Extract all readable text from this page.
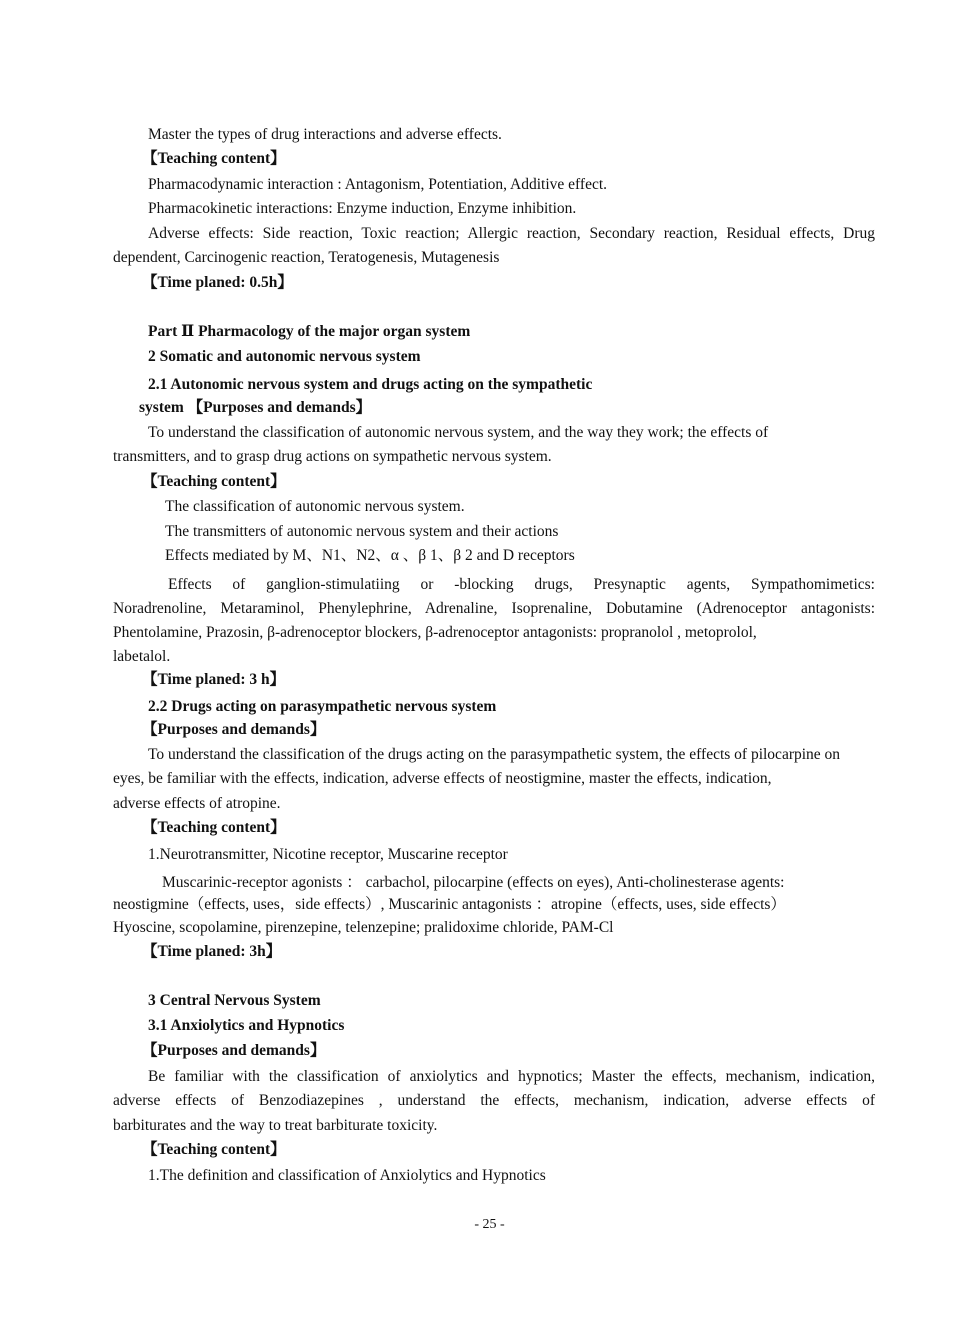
Master the types of drug interactions and adverse effects.
【Teaching content】
Pharmacodynamic interaction : Antagonism, Potentiation, Additive effect.
Pharmacokinetic interactions: Enzyme induction, Enzyme inhibition.
Adverse effects: Side reaction, Toxic reaction; Allergic reaction, Secondary reaction, Residual effects, Drug
dependent, Carcinogenic reaction, Teratogenesis, Mutagenesis
【Time planed: 0.5h】
Part Ⅱ Pharmacology of the major organ system
2 Somatic and autonomic nervous system
2.1 Autonomic nervous system and drugs acting on the sympathetic
system 【Purposes and demands】
To understand the classification of autonomic nervous system, and the way they work; the effects of
transmitters, and to grasp drug actions on sympathetic nervous system.
【Teaching content】
The classification of autonomic nervous system.
The transmitters of autonomic nervous system and their actions
Effects mediated by M、N1、N2、α 、β 1、β 2 and D receptors
Effects of ganglion-stimulatiing or -blocking drugs, Presynaptic agents, Sympathomimetics:
Noradrenoline, Metaraminol, Phenylephrine, Adrenaline, Isoprenaline, Dobutamine (Adrenoceptor antagonists:
Phentolamine, Prazosin, β-adrenoceptor blockers, β-adrenoceptor antagonists: propranolol , metoprolol,
labetalol.
【Time planed: 3 h】
2.2 Drugs acting on parasympathetic nervous system
【Purposes and demands】
To understand the classification of the drugs acting on the parasympathetic system, the effects of pilocarpine on
eyes, be familiar with the effects, indication, adverse effects of neostigmine, master the effects, indication,
adverse effects of atropine.
【Teaching content】
1.Neurotransmitter, Nicotine receptor, Muscarine receptor
Muscarinic-receptor agonists ： carbachol, pilocarpine (effects on eyes), Anti-cholinesterase agents:
neostigmine（effects, uses，side effects）, Muscarinic antagonists ：atropine（effects, uses, side effects）
Hyoscine, scopolamine, pirenzepine, telenzepine; pralidoxime chloride, PAM-Cl
【Time planed: 3h】
3 Central Nervous System
3.1 Anxiolytics and Hypnotics
【Purposes and demands】
Be familiar with the classification of anxiolytics and hypnotics; Master the effects, mechanism, indication,
adverse effects of Benzodiazepines , understand the effects, mechanism, indication, adverse effects of
barbiturates and the way to treat barbiturate toxicity.
【Teaching content】
1.The definition and classification of Anxiolytics and Hypnotics
- 25 -
